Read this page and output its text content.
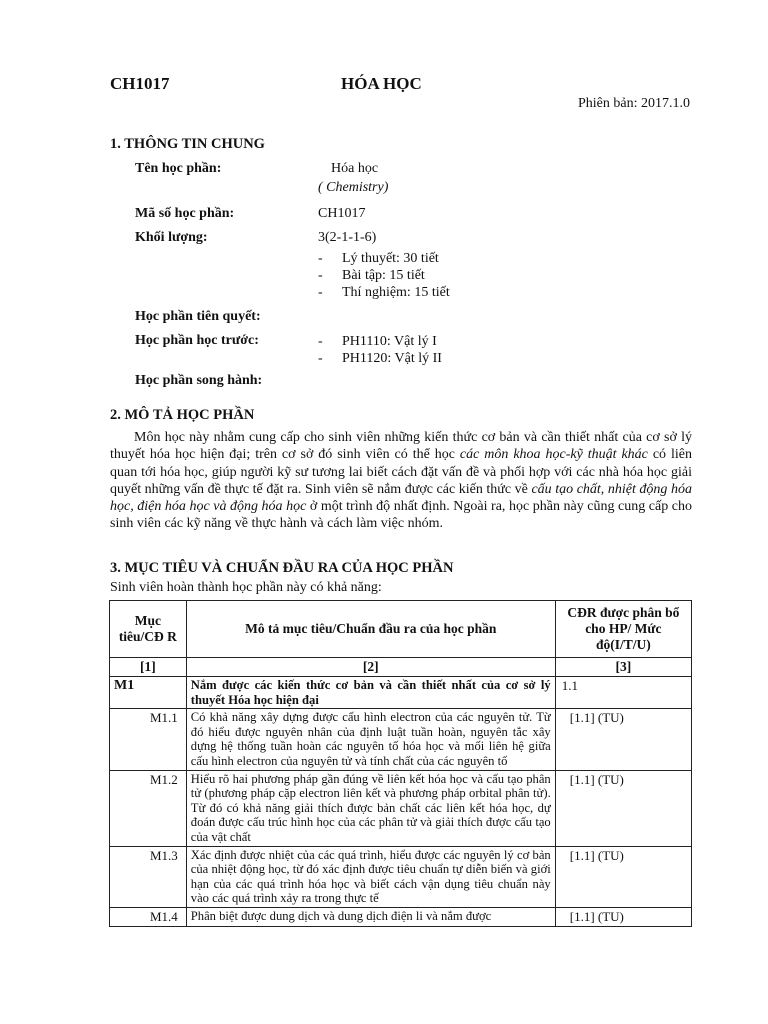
CH1017	HÓA HỌC
Phiên bản: 2017.1.0
1. THÔNG TIN CHUNG
Tên học phần:	Hóa học
( Chemistry)
Mã số học phần:	CH1017
Khối lượng:	3(2-1-1-6)
- Lý thuyết: 30 tiết
- Bài tập: 15 tiết
- Thí nghiệm: 15 tiết
Học phần tiên quyết:
Học phần học trước:	- PH1110: Vật lý I
- PH1120: Vật lý II
Học phần song hành:
2. MÔ TẢ HỌC PHẦN
Môn học này nhằm cung cấp cho sinh viên những kiến thức cơ bản và cần thiết nhất của cơ sở lý thuyết hóa học hiện đại; trên cơ sở đó sinh viên có thể học các môn khoa học-kỹ thuật khác có liên quan tới hóa học, giúp người kỹ sư tương lai biết cách đặt vấn đề và phối hợp với các nhà hóa học giải quyết những vấn đề thực tế đặt ra. Sinh viên sẽ nắm được các kiến thức về cấu tạo chất, nhiệt động hóa học, điện hóa học và động hóa học ở một trình độ nhất định. Ngoài ra, học phần này cũng cung cấp cho sinh viên các kỹ năng về thực hành và cách làm việc nhóm.
3. MỤC TIÊU VÀ CHUẨN ĐẦU RA CỦA HỌC PHẦN
Sinh viên hoàn thành học phần này có khả năng:
Mục tiêu/CĐ R	Mô tả mục tiêu/Chuẩn đầu ra của học phần	CĐR được phân bổ cho HP/ Mức độ(I/T/U)
[1]	[2]	[3]
M1	Nắm được các kiến thức cơ bản và cần thiết nhất của cơ sở lý thuyết Hóa học hiện đại	1.1
M1.1	Có khả năng xây dựng được cấu hình electron của các nguyên tử. Từ đó hiểu được nguyên nhân của định luật tuần hoàn, nguyên tắc xây dựng hệ thống tuần hoàn các nguyên tố hóa học và mối liên hệ giữa cấu hình electron của nguyên tử và tính chất của các nguyên tố	[1.1] (TU)
M1.2	Hiểu rõ hai phương pháp gần đúng về liên kết hóa học và cấu tạo phân tử (phương pháp cặp electron liên kết và phương pháp orbital phân tử). Từ đó có khả năng giải thích được bản chất các liên kết hóa học, dự đoán được cấu trúc hình học của các phân tử và giải thích được cấu tạo của vật chất	[1.1] (TU)
M1.3	Xác định được nhiệt của các quá trình, hiểu được các nguyên lý cơ bản của nhiệt động học, từ đó xác định được tiêu chuẩn tự diễn biến và giới hạn của các quá trình hóa học và biết cách vận dụng tiêu chuẩn này vào các quá trình xảy ra trong thực tế	[1.1] (TU)
M1.4	Phân biệt được dung dịch và dung dịch điện li và nắm được	[1.1] (TU)
